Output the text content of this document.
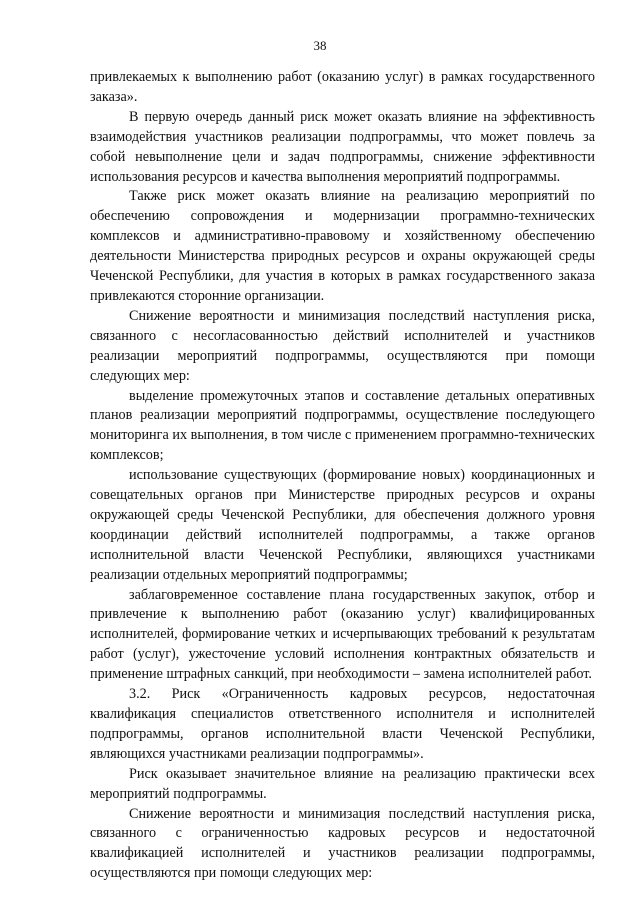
38

привлекаемых к выполнению работ (оказанию услуг) в рамках государственного заказа».

В первую очередь данный риск может оказать влияние на эффективность взаимодействия участников реализации подпрограммы, что может повлечь за собой невыполнение цели и задач подпрограммы, снижение эффективности использования ресурсов и качества выполнения мероприятий подпрограммы.

Также риск может оказать влияние на реализацию мероприятий по обеспечению сопровождения и модернизации программно-технических комплексов и административно-правовому и хозяйственному обеспечению деятельности Министерства природных ресурсов и охраны окружающей среды Чеченской Республики, для участия в которых в рамках государственного заказа привлекаются сторонние организации.

Снижение вероятности и минимизация последствий наступления риска, связанного с несогласованностью действий исполнителей и участников реализации мероприятий подпрограммы, осуществляются при помощи следующих мер:

выделение промежуточных этапов и составление детальных оперативных планов реализации мероприятий подпрограммы, осуществление последующего мониторинга их выполнения, в том числе с применением программно-технических комплексов;

использование существующих (формирование новых) координационных и совещательных органов при Министерстве природных ресурсов и охраны окружающей среды Чеченской Республики, для обеспечения должного уровня координации действий исполнителей подпрограммы, а также органов исполнительной власти Чеченской Республики, являющихся участниками реализации отдельных мероприятий подпрограммы;

заблаговременное составление плана государственных закупок, отбор и привлечение к выполнению работ (оказанию услуг) квалифицированных исполнителей, формирование четких и исчерпывающих требований к результатам работ (услуг), ужесточение условий исполнения контрактных обязательств и применение штрафных санкций, при необходимости – замена исполнителей работ.

3.2. Риск «Ограниченность кадровых ресурсов, недостаточная квалификация специалистов ответственного исполнителя и исполнителей подпрограммы, органов исполнительной власти Чеченской Республики, являющихся участниками реализации подпрограммы».

Риск оказывает значительное влияние на реализацию практически всех мероприятий подпрограммы.

Снижение вероятности и минимизация последствий наступления риска, связанного с ограниченностью кадровых ресурсов и недостаточной квалификацией исполнителей и участников реализации подпрограммы, осуществляются при помощи следующих мер:
